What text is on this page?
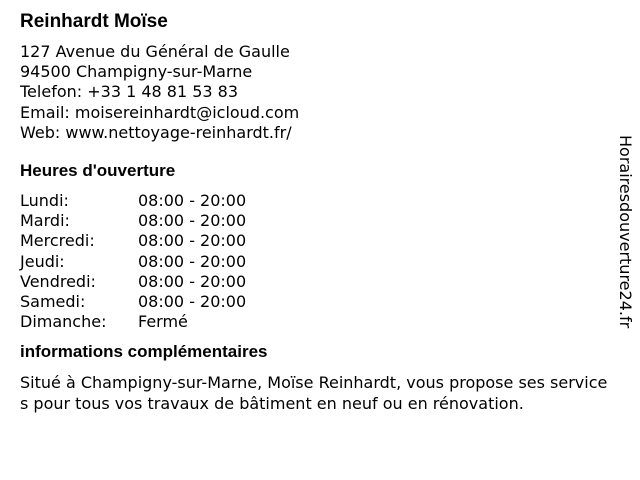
Reinhardt Moïse
127 Avenue du Général de Gaulle
94500 Champigny-sur-Marne
Telefon: +33 1 48 81 53 83
Email: moisereinhardt@icloud.com
Web: www.nettoyage-reinhardt.fr/
Heures d'ouverture
Lundi:	08:00 - 20:00
Mardi:	08:00 - 20:00
Mercredi:	08:00 - 20:00
Jeudi:	08:00 - 20:00
Vendredi:	08:00 - 20:00
Samedi:	08:00 - 20:00
Dimanche:	Fermé
informations complémentaires
Situé à Champigny-sur-Marne, Moïse Reinhardt, vous propose ses services pour tous vos travaux de bâtiment en neuf ou en rénovation.
Horairesdouverture24.fr
